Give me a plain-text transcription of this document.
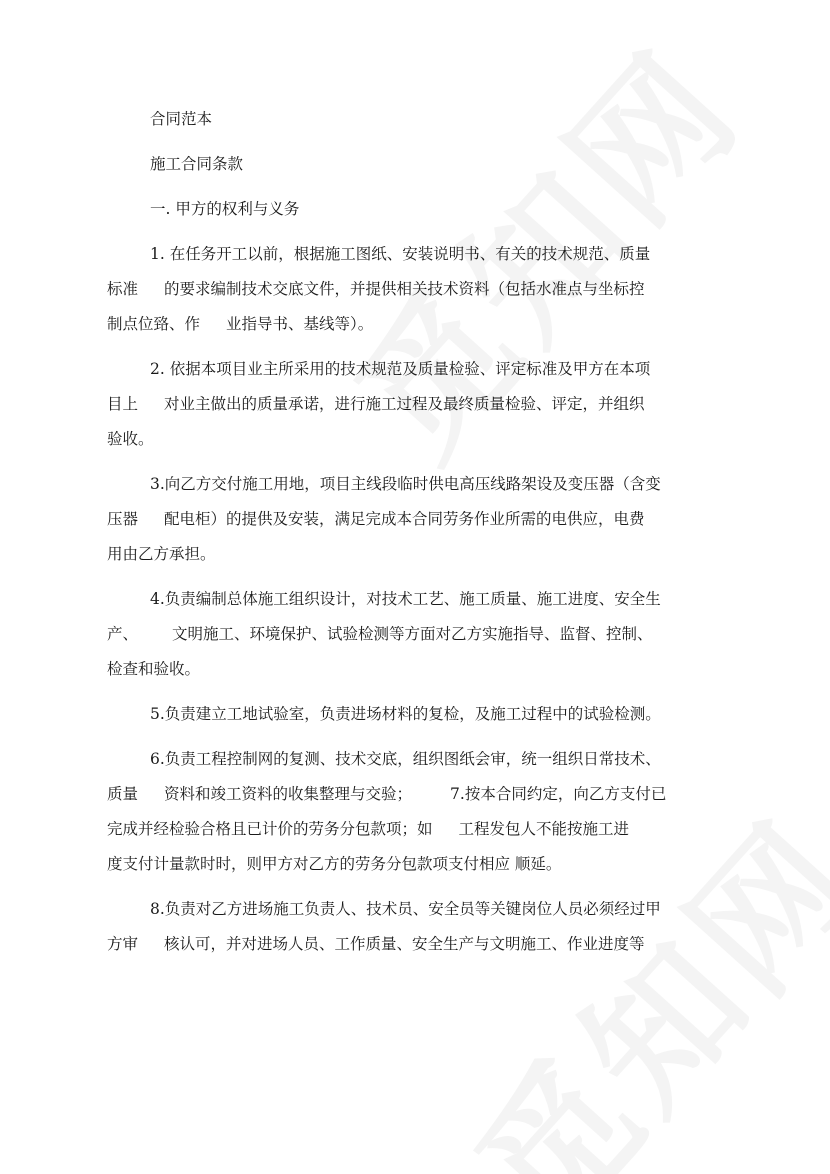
合同范本

施工合同条款

一. 甲方的权利与义务

1. 在任务开工以前，根据施工图纸、安装说明书、有关的技术规范、质量
标准 的要求编制技术交底文件，并提供相关技术资料（包括水准点与坐标控
制点位臵、作 业指导书、基线等）。
2. 依据本项目业主所采用的技术规范及质量检验、评定标准及甲方在本项
目上 对业主做出的质量承诺，进行施工过程及最终质量检验、评定，并组织
验收。
3.向乙方交付施工用地，项目主线段临时供电高压线路架设及变压器（含变
压器 配电柜）的提供及安装，满足完成本合同劳务作业所需的电供应，电费
用由乙方承担。
4.负责编制总体施工组织设计，对技术工艺、施工质量、施工进度、安全生
产、 文明施工、环境保护、试验检测等方面对乙方实施指导、监督、控制、
检查和验收。
5.负责建立工地试验室，负责进场材料的复检，及施工过程中的试验检测。
6.负责工程控制网的复测、技术交底，组织图纸会审，统一组织日常技术、
质量 资料和竣工资料的收集整理与交验； 7.按本合同约定，向乙方支付已
完成并经检验合格且已计价的劳务分包款项；如 工程发包人不能按施工进
度支付计量款时时，则甲方对乙方的劳务分包款项支付相应 顺延。
8.负责对乙方进场施工负责人、技术员、安全员等关键岗位人员必须经过甲
方审 核认可，并对进场人员、工作质量、安全生产与文明施工、作业进度等
